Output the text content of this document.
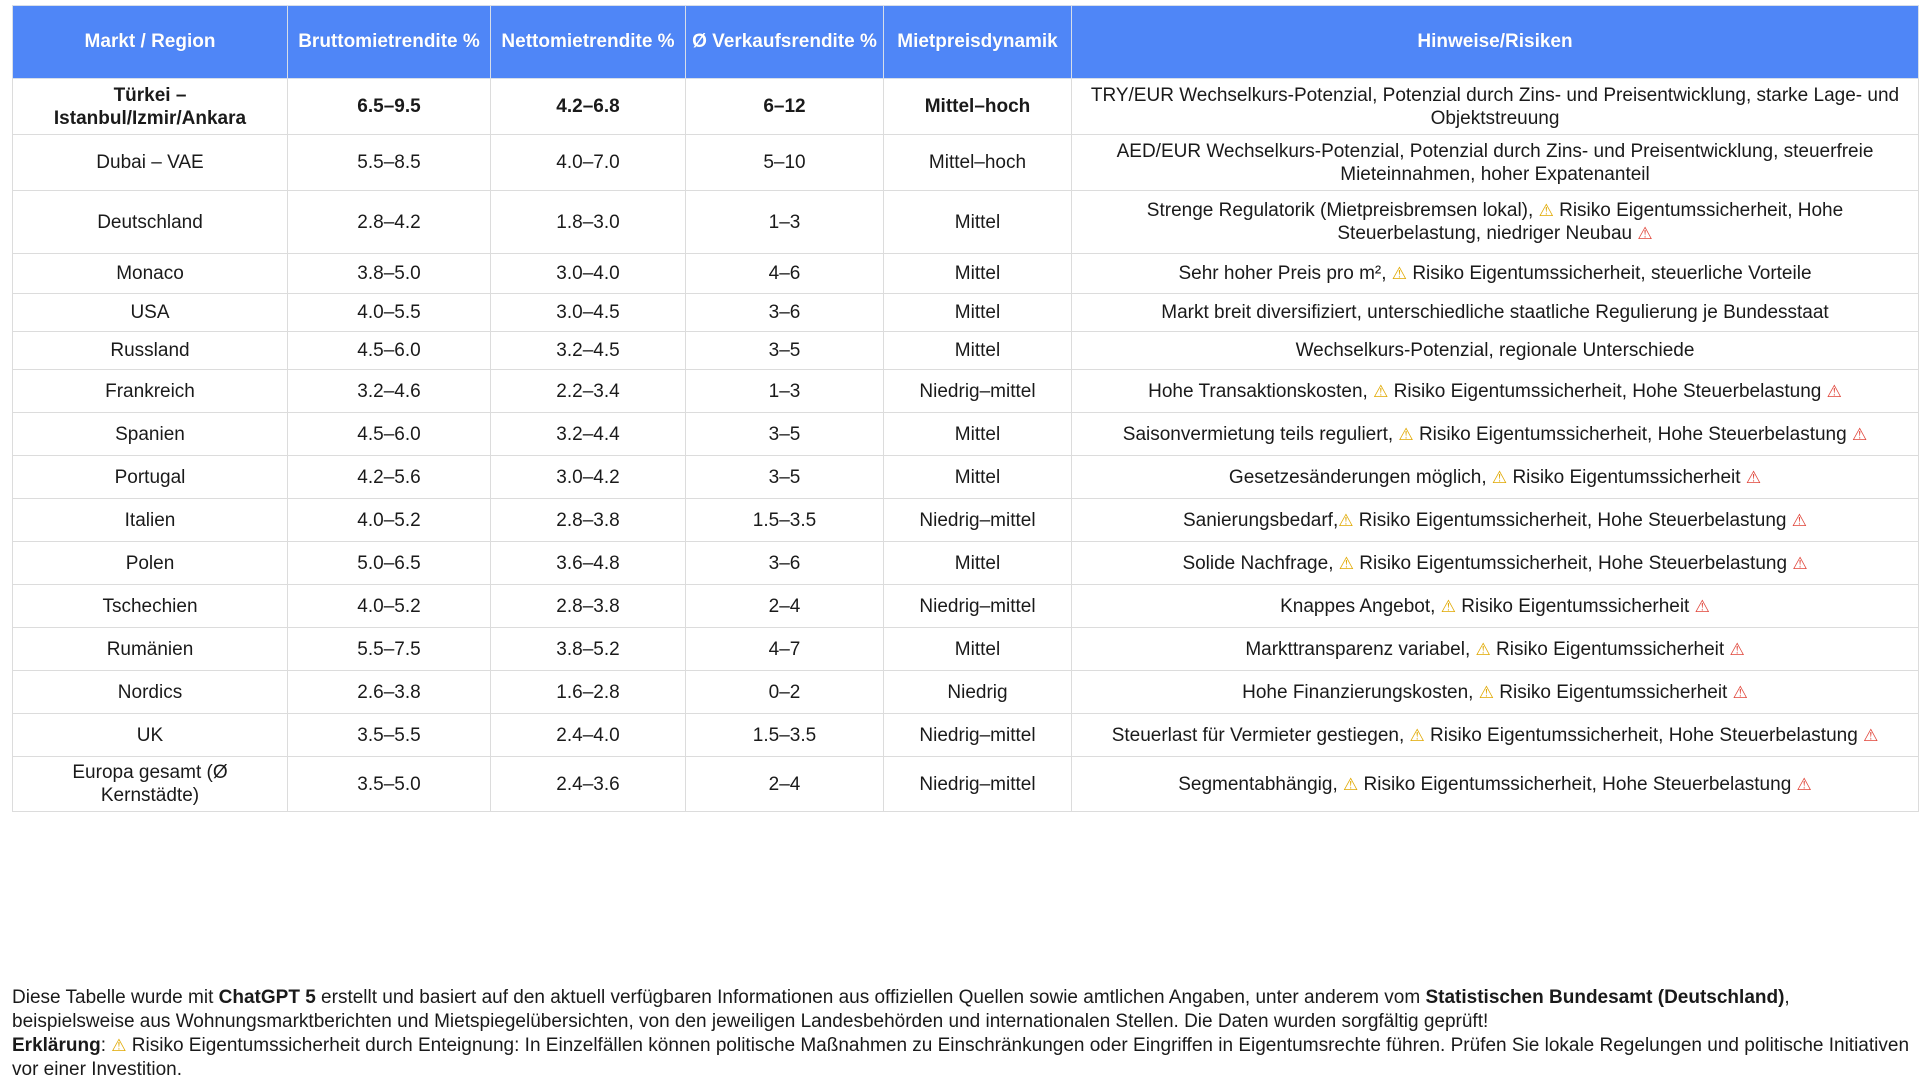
Markt / Region	Bruttomietrendite %	Nettomietrendite %	Ø Verkaufsrendite %	Mietpreisdynamik	Hinweise/Risiken
Türkei – Istanbul/Izmir/Ankara	6.5–9.5	4.2–6.8	6–12	Mittel–hoch	TRY/EUR Wechselkurs-Potenzial, Potenzial durch Zins- und Preisentwicklung, starke Lage- und Objektstreuung
Dubai – VAE	5.5–8.5	4.0–7.0	5–10	Mittel–hoch	AED/EUR Wechselkurs-Potenzial, Potenzial durch Zins- und Preisentwicklung, steuerfreie Mieteinnahmen, hoher Expatenanteil
Deutschland	2.8–4.2	1.8–3.0	1–3	Mittel	Strenge Regulatorik (Mietpreisbremsen lokal), ⚠ Risiko Eigentumssicherheit, Hohe Steuerbelastung, niedriger Neubau ⚠
Monaco	3.8–5.0	3.0–4.0	4–6	Mittel	Sehr hoher Preis pro m², ⚠ Risiko Eigentumssicherheit, steuerliche Vorteile
USA	4.0–5.5	3.0–4.5	3–6	Mittel	Markt breit diversifiziert, unterschiedliche staatliche Regulierung je Bundesstaat
Russland	4.5–6.0	3.2–4.5	3–5	Mittel	Wechselkurs-Potenzial, regionale Unterschiede
Frankreich	3.2–4.6	2.2–3.4	1–3	Niedrig–mittel	Hohe Transaktionskosten, ⚠ Risiko Eigentumssicherheit, Hohe Steuerbelastung ⚠
Spanien	4.5–6.0	3.2–4.4	3–5	Mittel	Saisonvermietung teils reguliert, ⚠ Risiko Eigentumssicherheit, Hohe Steuerbelastung ⚠
Portugal	4.2–5.6	3.0–4.2	3–5	Mittel	Gesetzesänderungen möglich, ⚠ Risiko Eigentumssicherheit ⚠
Italien	4.0–5.2	2.8–3.8	1.5–3.5	Niedrig–mittel	Sanierungsbedarf,⚠ Risiko Eigentumssicherheit, Hohe Steuerbelastung ⚠
Polen	5.0–6.5	3.6–4.8	3–6	Mittel	Solide Nachfrage, ⚠ Risiko Eigentumssicherheit, Hohe Steuerbelastung ⚠
Tschechien	4.0–5.2	2.8–3.8	2–4	Niedrig–mittel	Knappes Angebot, ⚠ Risiko Eigentumssicherheit ⚠
Rumänien	5.5–7.5	3.8–5.2	4–7	Mittel	Markttransparenz variabel, ⚠ Risiko Eigentumssicherheit ⚠
Nordics	2.6–3.8	1.6–2.8	0–2	Niedrig	Hohe Finanzierungskosten, ⚠ Risiko Eigentumssicherheit ⚠
UK	3.5–5.5	2.4–4.0	1.5–3.5	Niedrig–mittel	Steuerlast für Vermieter gestiegen, ⚠ Risiko Eigentumssicherheit, Hohe Steuerbelastung ⚠
Europa gesamt (Ø Kernstädte)	3.5–5.0	2.4–3.6	2–4	Niedrig–mittel	Segmentabhängig, ⚠ Risiko Eigentumssicherheit, Hohe Steuerbelastung ⚠
Diese Tabelle wurde mit ChatGPT 5 erstellt und basiert auf den aktuell verfügbaren Informationen aus offiziellen Quellen sowie amtlichen Angaben, unter anderem vom Statistischen Bundesamt (Deutschland), beispielsweise aus Wohnungsmarktberichten und Mietspiegelübersichten, von den jeweiligen Landesbehörden und internationalen Stellen. Die Daten wurden sorgfältig geprüft!
Erklärung: ⚠ Risiko Eigentumssicherheit durch Enteignung: In Einzelfällen können politische Maßnahmen zu Einschränkungen oder Eingriffen in Eigentumsrechte führen. Prüfen Sie lokale Regelungen und politische Initiativen vor einer Investition.
